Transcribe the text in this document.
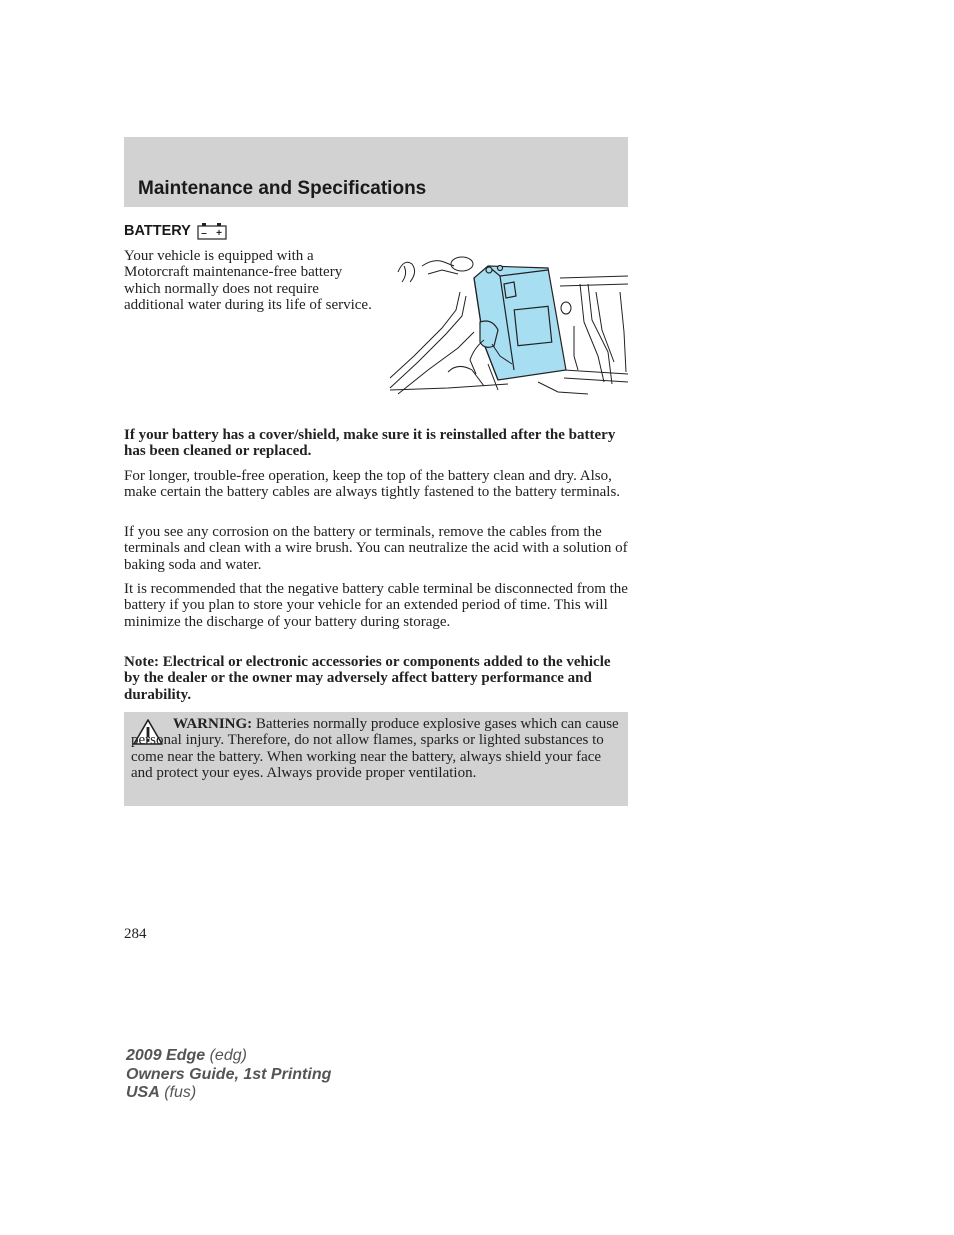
Maintenance and Specifications
BATTERY – +

Your vehicle is equipped with a Motorcraft maintenance-free battery which normally does not require additional water during its life of service.

If your battery has a cover/shield, make sure it is reinstalled after the battery has been cleaned or replaced.

For longer, trouble-free operation, keep the top of the battery clean and dry. Also, make certain the battery cables are always tightly fastened to the battery terminals.

If you see any corrosion on the battery or terminals, remove the cables from the terminals and clean with a wire brush. You can neutralize the acid with a solution of baking soda and water.

It is recommended that the negative battery cable terminal be disconnected from the battery if you plan to store your vehicle for an extended period of time. This will minimize the discharge of your battery during storage.

Note: Electrical or electronic accessories or components added to the vehicle by the dealer or the owner may adversely affect battery performance and durability.

WARNING: Batteries normally produce explosive gases which can cause personal injury. Therefore, do not allow flames, sparks or lighted substances to come near the battery. When working near the battery, always shield your face and protect your eyes. Always provide proper ventilation.

284
2009 Edge (edg)
Owners Guide, 1st Printing
USA (fus)
